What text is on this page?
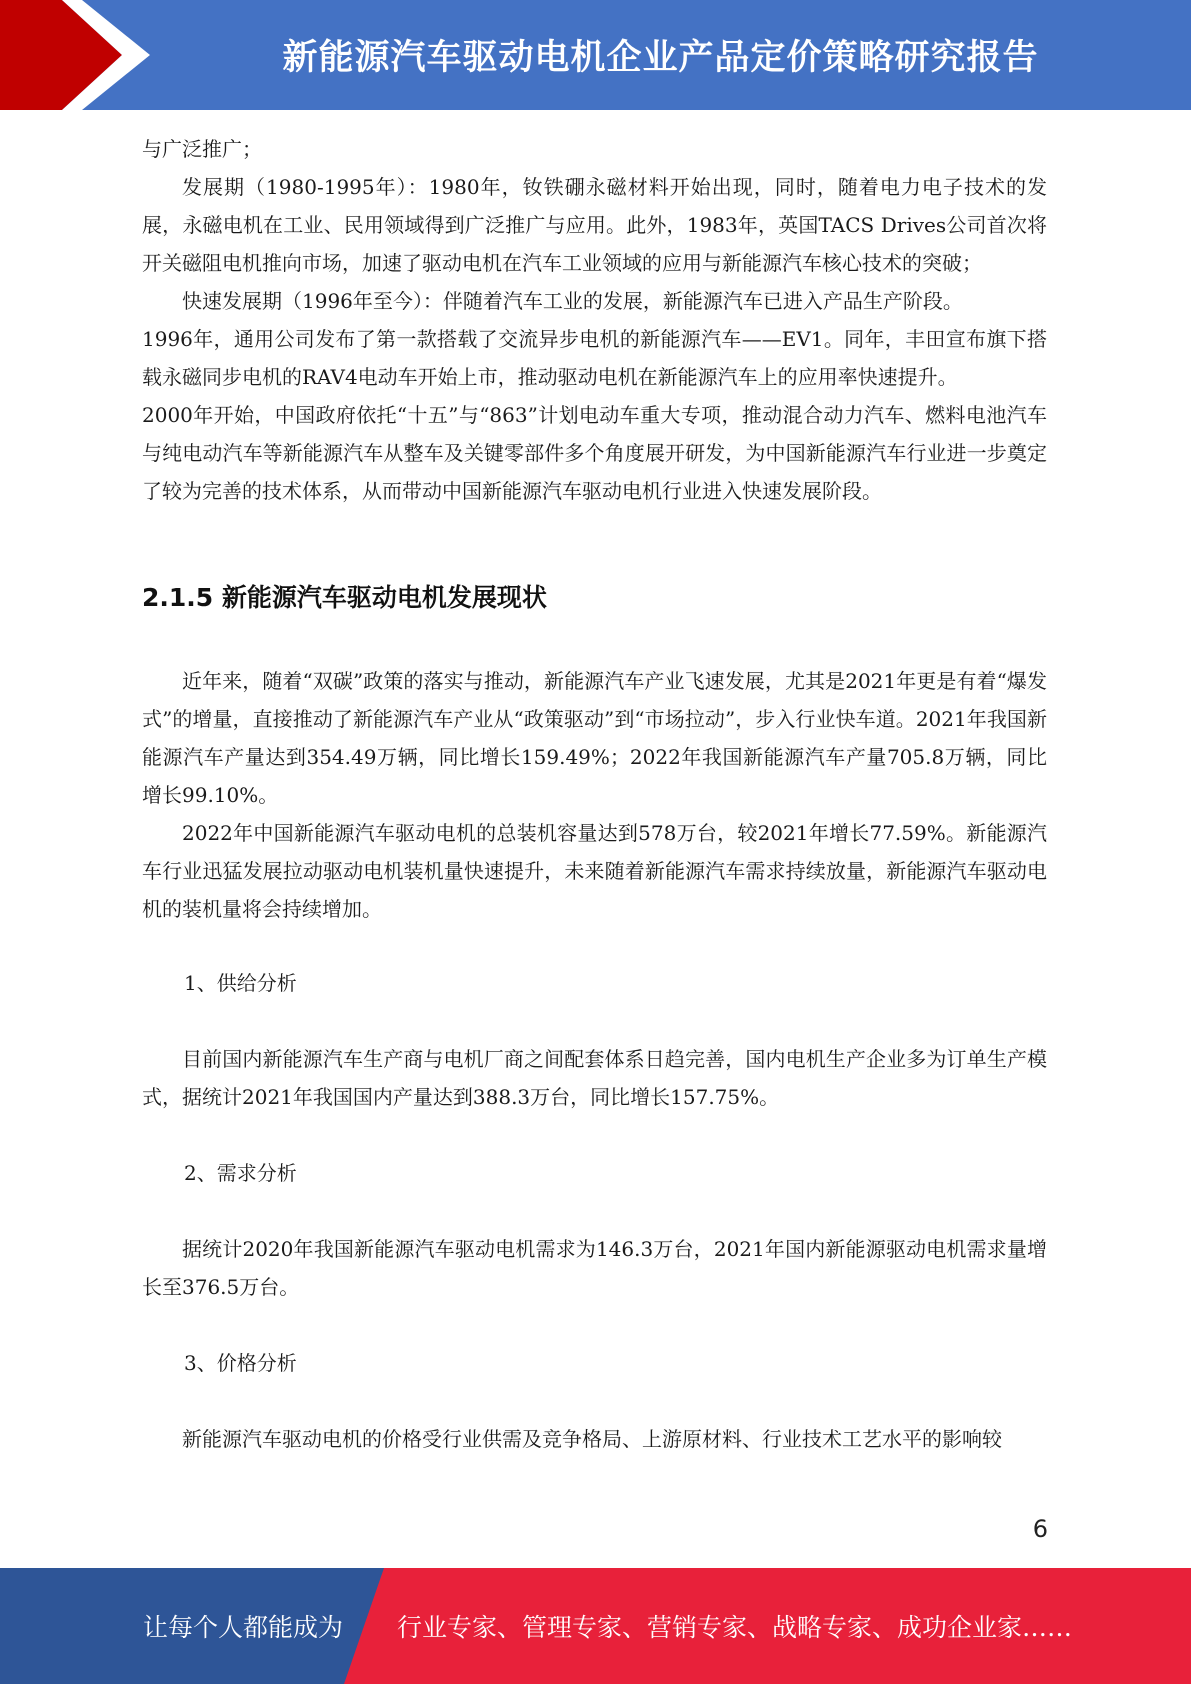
新能源汽车驱动电机企业产品定价策略研究报告

与广泛推广；

发展期（1980-1995年）：1980年，钕铁硼永磁材料开始出现，同时，随着电力电子技术的发展，永磁电机在工业、民用领域得到广泛推广与应用。此外，1983年，英国TACS Drives公司首次将开关磁阻电机推向市场，加速了驱动电机在汽车工业领域的应用与新能源汽车核心技术的突破；

快速发展期（1996年至今）：伴随着汽车工业的发展，新能源汽车已进入产品生产阶段。

1996年，通用公司发布了第一款搭载了交流异步电机的新能源汽车——EV1。同年，丰田宣布旗下搭载永磁同步电机的RAV4电动车开始上市，推动驱动电机在新能源汽车上的应用率快速提升。

2000年开始，中国政府依托“十五”与“863”计划电动车重大专项，推动混合动力汽车、燃料电池汽车与纯电动汽车等新能源汽车从整车及关键零部件多个角度展开研发，为中国新能源汽车行业进一步奠定了较为完善的技术体系，从而带动中国新能源汽车驱动电机行业进入快速发展阶段。

2.1.5 新能源汽车驱动电机发展现状

近年来，随着“双碳”政策的落实与推动，新能源汽车产业飞速发展，尤其是2021年更是有着“爆发式”的增量，直接推动了新能源汽车产业从“政策驱动”到“市场拉动”，步入行业快车道。2021年我国新能源汽车产量达到354.49万辆，同比增长159.49%；2022年我国新能源汽车产量705.8万辆，同比增长99.10%。

2022年中国新能源汽车驱动电机的总装机容量达到578万台，较2021年增长77.59%。新能源汽车行业迅猛发展拉动驱动电机装机量快速提升，未来随着新能源汽车需求持续放量，新能源汽车驱动电机的装机量将会持续增加。

1、供给分析

目前国内新能源汽车生产商与电机厂商之间配套体系日趋完善，国内电机生产企业多为订单生产模式，据统计2021年我国国内产量达到388.3万台，同比增长157.75%。

2、需求分析

据统计2020年我国新能源汽车驱动电机需求为146.3万台，2021年国内新能源驱动电机需求量增长至376.5万台。

3、价格分析

新能源汽车驱动电机的价格受行业供需及竞争格局、上游原材料、行业技术工艺水平的影响较

6
让每个人都能成为 行业专家、管理专家、营销专家、战略专家、成功企业家……
